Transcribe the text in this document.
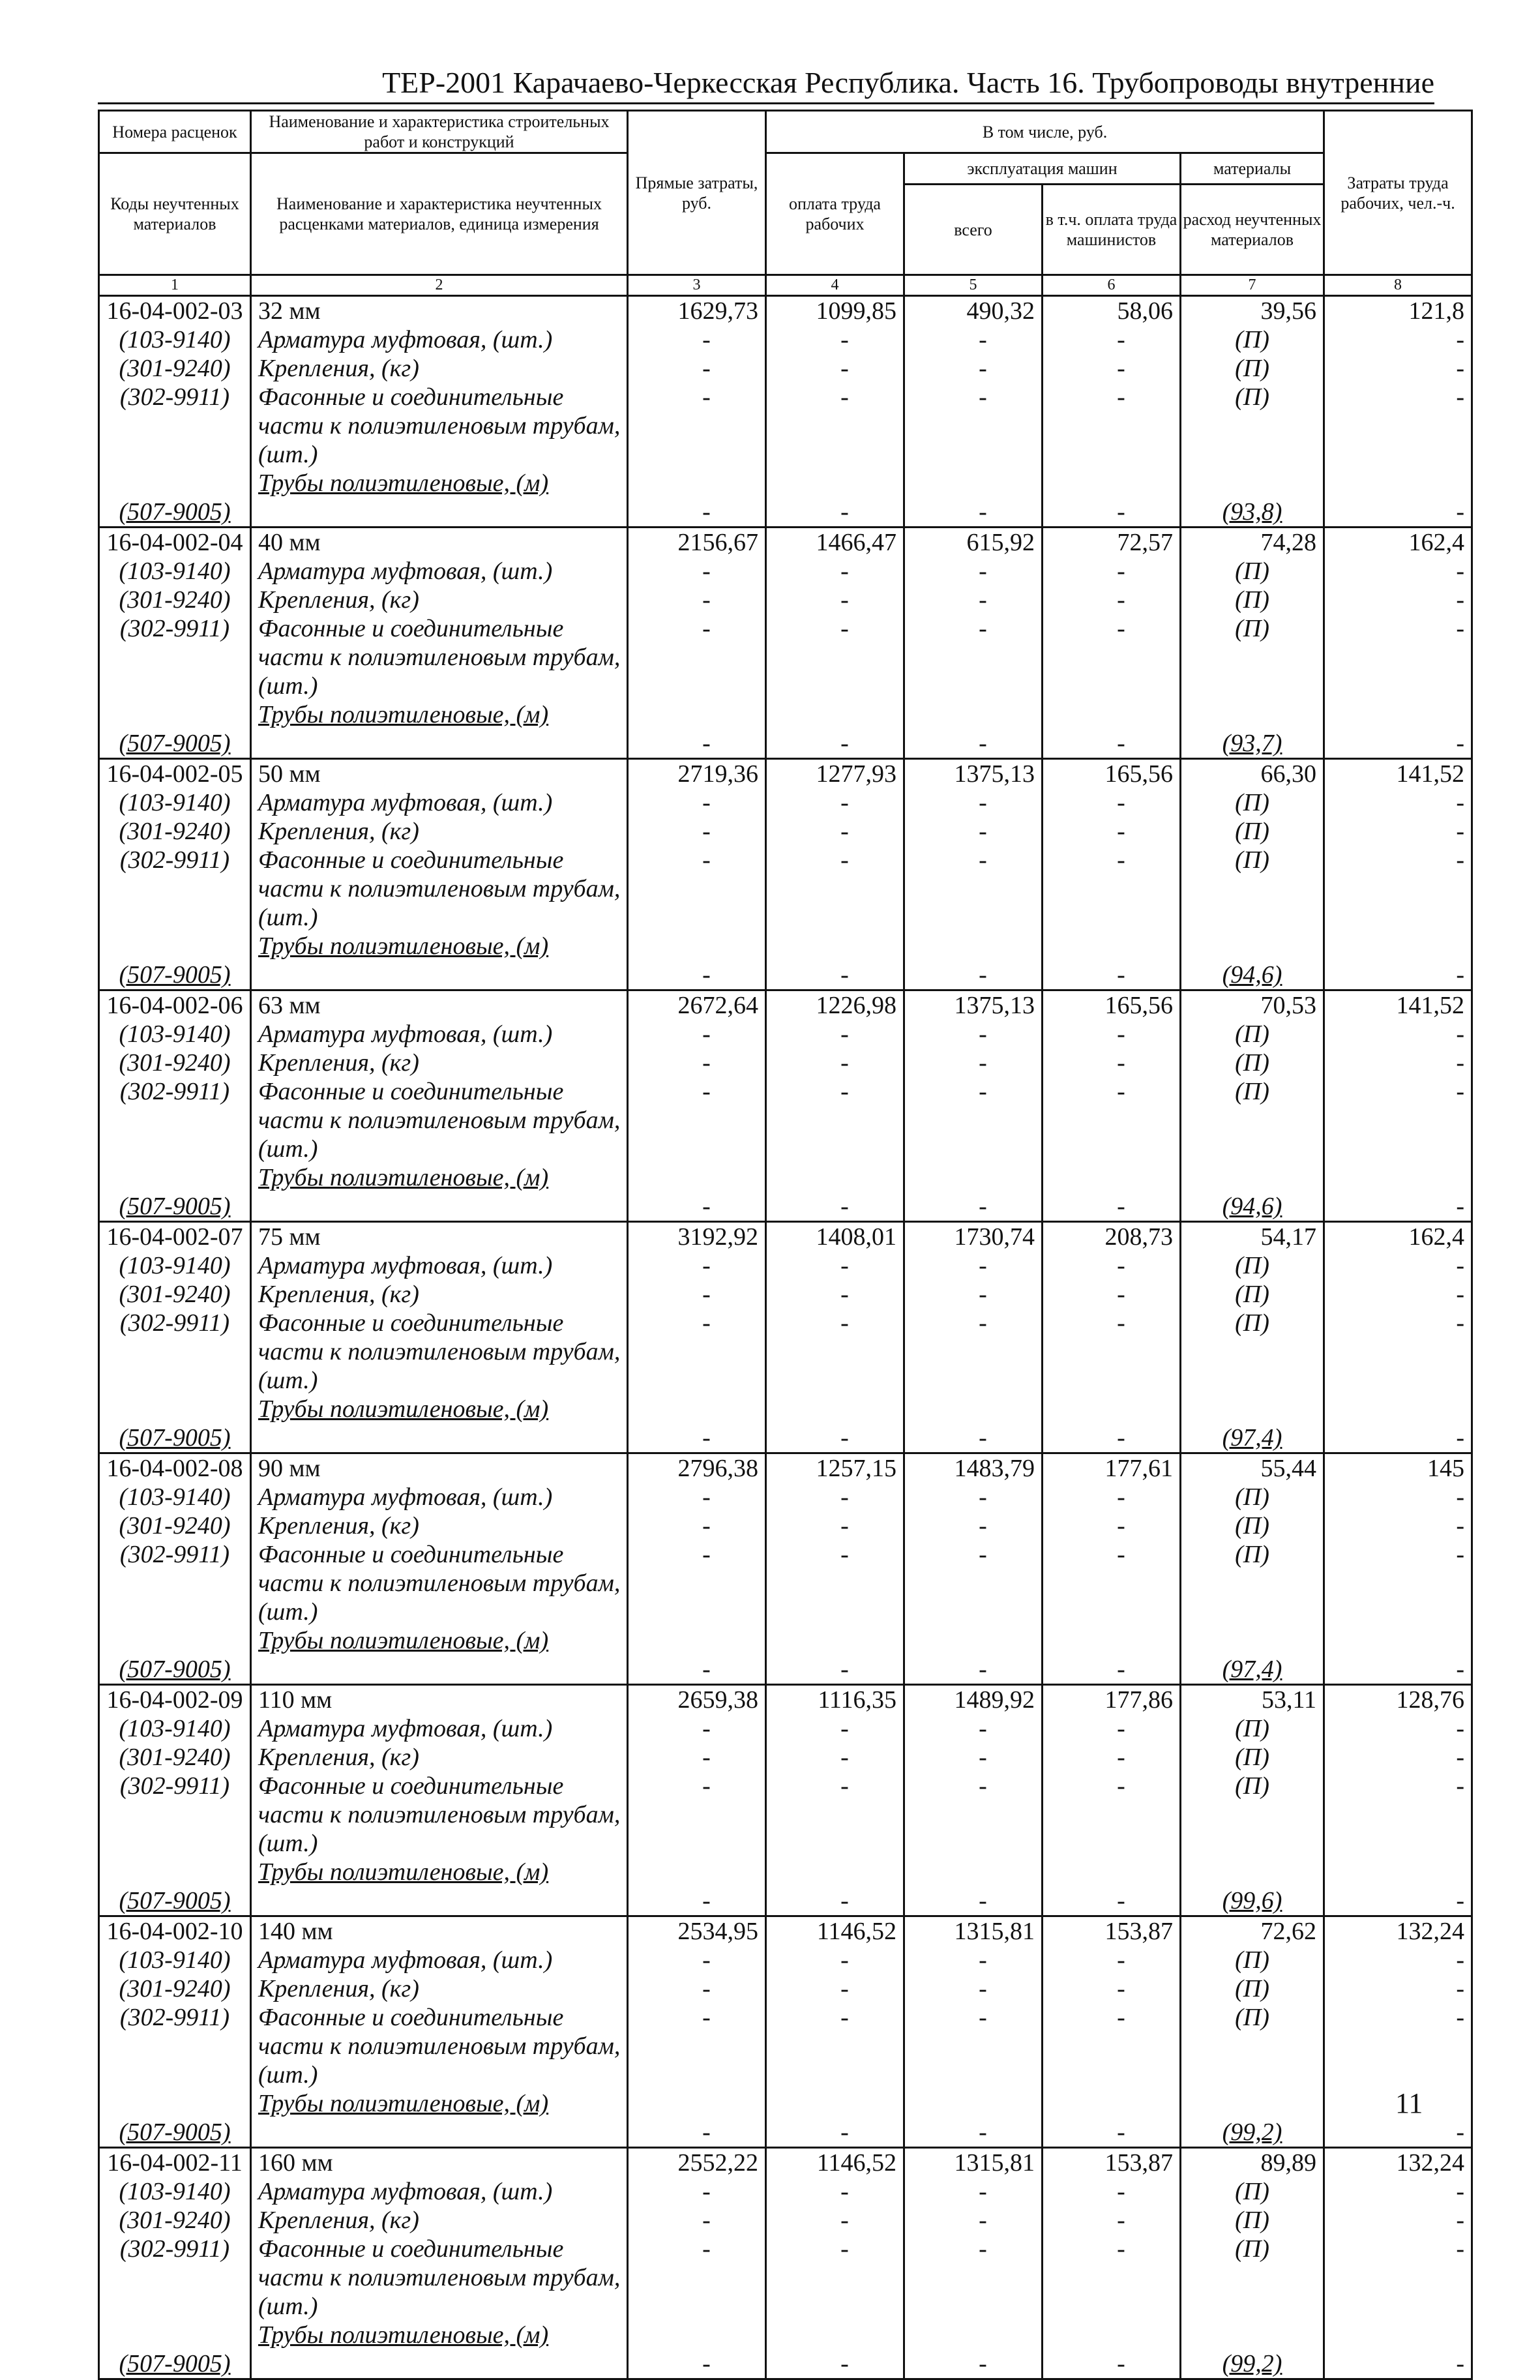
ТЕР-2001 Карачаево-Черкесская Республика. Часть 16. Трубопроводы внутренние
Номера расценок	Наименование и характеристика строительных работ и конструкций	Прямые затраты, руб.	В том числе, руб.				Затраты труда рабочих, чел.-ч.
Коды неучтенных материалов	Наименование и характеристика неучтенных расценками материалов, единица измерения		оплата труда рабочих	эксплуатация машин		материалы	
				всего	в т.ч. оплата труда машинистов	расход неучтенных материалов	
1	2	3	4	5	6	7	8
16-04-002-03	32 мм	1629,73	1099,85	490,32	58,06	39,56	121,8
(103-9140)	Арматура муфтовая, (шт.)	-	-	-	-	(П)	-
(301-9240)	Крепления, (кг)	-	-	-	-	(П)	-
(302-9911)	Фасонные и соединительные части к полиэтиленовым трубам, (шт.)	-	-	-	-	(П)	-
(507-9005)	Трубы полиэтиленовые, (м)	-	-	-	-	(93,8)	-
16-04-002-04	40 мм	2156,67	1466,47	615,92	72,57	74,28	162,4
(103-9140)	Арматура муфтовая, (шт.)	-	-	-	-	(П)	-
(301-9240)	Крепления, (кг)	-	-	-	-	(П)	-
(302-9911)	Фасонные и соединительные части к полиэтиленовым трубам, (шт.)	-	-	-	-	(П)	-
(507-9005)	Трубы полиэтиленовые, (м)	-	-	-	-	(93,7)	-
16-04-002-05	50 мм	2719,36	1277,93	1375,13	165,56	66,30	141,52
(103-9140)	Арматура муфтовая, (шт.)	-	-	-	-	(П)	-
(301-9240)	Крепления, (кг)	-	-	-	-	(П)	-
(302-9911)	Фасонные и соединительные части к полиэтиленовым трубам, (шт.)	-	-	-	-	(П)	-
(507-9005)	Трубы полиэтиленовые, (м)	-	-	-	-	(94,6)	-
16-04-002-06	63 мм	2672,64	1226,98	1375,13	165,56	70,53	141,52
(103-9140)	Арматура муфтовая, (шт.)	-	-	-	-	(П)	-
(301-9240)	Крепления, (кг)	-	-	-	-	(П)	-
(302-9911)	Фасонные и соединительные части к полиэтиленовым трубам, (шт.)	-	-	-	-	(П)	-
(507-9005)	Трубы полиэтиленовые, (м)	-	-	-	-	(94,6)	-
16-04-002-07	75 мм	3192,92	1408,01	1730,74	208,73	54,17	162,4
(103-9140)	Арматура муфтовая, (шт.)	-	-	-	-	(П)	-
(301-9240)	Крепления, (кг)	-	-	-	-	(П)	-
(302-9911)	Фасонные и соединительные части к полиэтиленовым трубам, (шт.)	-	-	-	-	(П)	-
(507-9005)	Трубы полиэтиленовые, (м)	-	-	-	-	(97,4)	-
16-04-002-08	90 мм	2796,38	1257,15	1483,79	177,61	55,44	145
(103-9140)	Арматура муфтовая, (шт.)	-	-	-	-	(П)	-
(301-9240)	Крепления, (кг)	-	-	-	-	(П)	-
(302-9911)	Фасонные и соединительные части к полиэтиленовым трубам, (шт.)	-	-	-	-	(П)	-
(507-9005)	Трубы полиэтиленовые, (м)	-	-	-	-	(97,4)	-
16-04-002-09	110 мм	2659,38	1116,35	1489,92	177,86	53,11	128,76
(103-9140)	Арматура муфтовая, (шт.)	-	-	-	-	(П)	-
(301-9240)	Крепления, (кг)	-	-	-	-	(П)	-
(302-9911)	Фасонные и соединительные части к полиэтиленовым трубам, (шт.)	-	-	-	-	(П)	-
(507-9005)	Трубы полиэтиленовые, (м)	-	-	-	-	(99,6)	-
16-04-002-10	140 мм	2534,95	1146,52	1315,81	153,87	72,62	132,24
(103-9140)	Арматура муфтовая, (шт.)	-	-	-	-	(П)	-
(301-9240)	Крепления, (кг)	-	-	-	-	(П)	-
(302-9911)	Фасонные и соединительные части к полиэтиленовым трубам, (шт.)	-	-	-	-	(П)	-
(507-9005)	Трубы полиэтиленовые, (м)	-	-	-	-	(99,2)	-
16-04-002-11	160 мм	2552,22	1146,52	1315,81	153,87	89,89	132,24
(103-9140)	Арматура муфтовая, (шт.)	-	-	-	-	(П)	-
(301-9240)	Крепления, (кг)	-	-	-	-	(П)	-
(302-9911)	Фасонные и соединительные части к полиэтиленовым трубам, (шт.)	-	-	-	-	(П)	-
(507-9005)	Трубы полиэтиленовые, (м)	-	-	-	-	(99,2)	-
11
